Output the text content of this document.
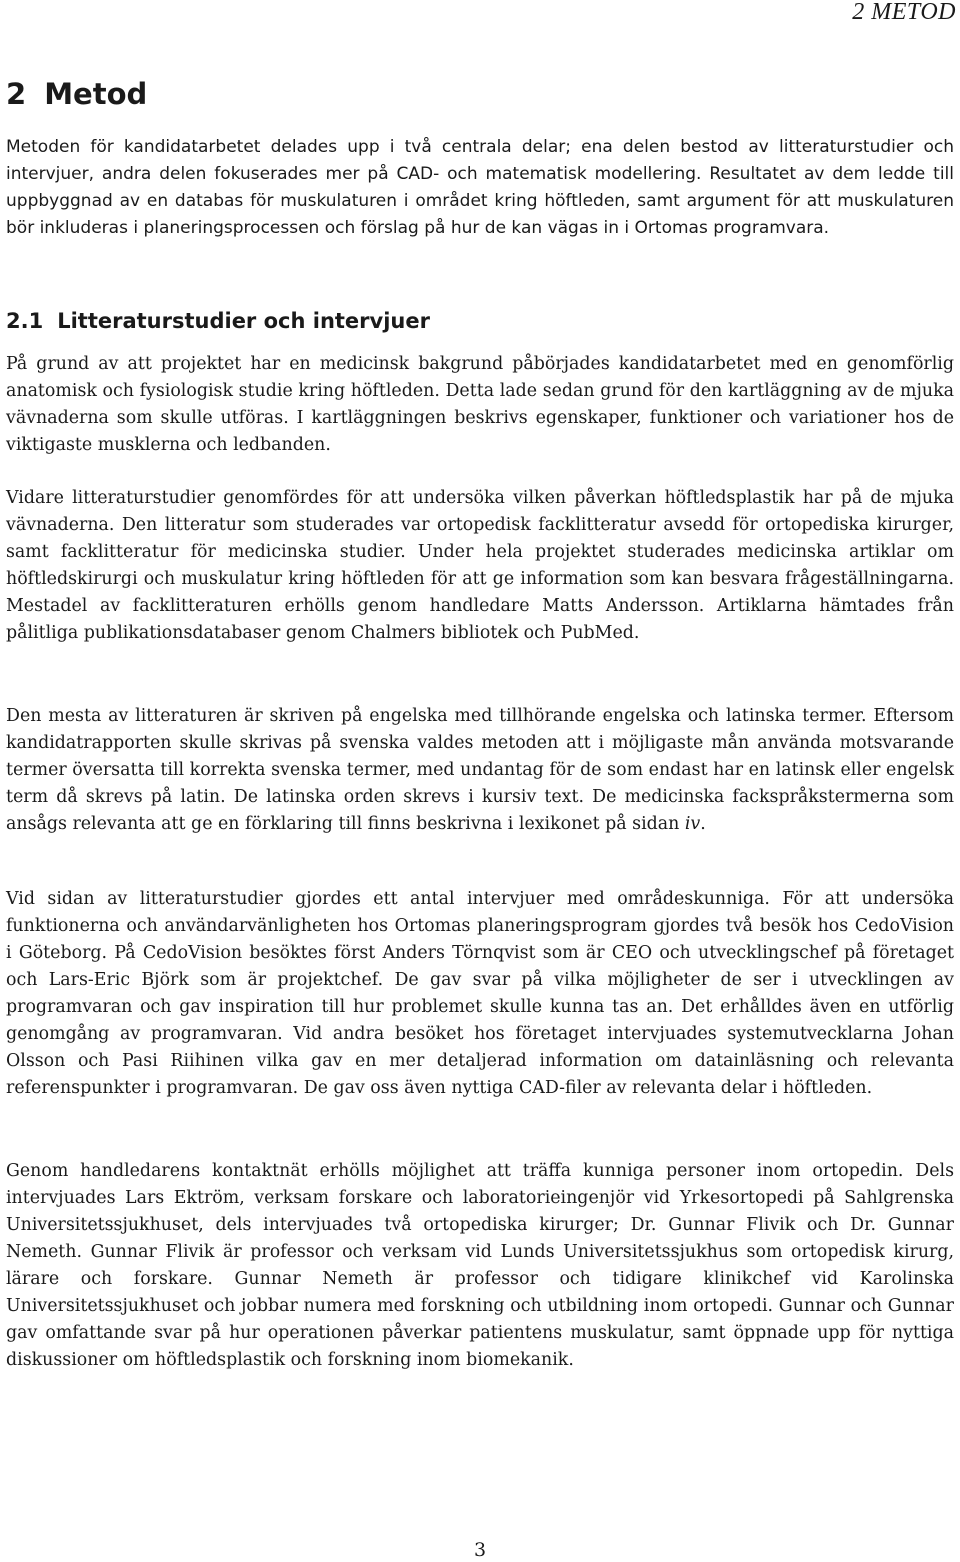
2 METOD
2 Metod

Metoden för kandidatarbetet delades upp i två centrala delar; ena delen bestod av litteraturstudier och intervjuer, andra delen fokuserades mer på CAD- och matematisk modellering. Resultatet av dem ledde till uppbyggnad av en databas för muskulaturen i området kring höftleden, samt argument för att muskulaturen bör inkluderas i planeringsprocessen och förslag på hur de kan vägas in i Ortomas programvara.

2.1 Litteraturstudier och intervjuer

På grund av att projektet har en medicinsk bakgrund påbörjades kandidatarbetet med en genomförlig anatomisk och fysiologisk studie kring höftleden. Detta lade sedan grund för den kartläggning av de mjuka vävnaderna som skulle utföras. I kartläggningen beskrivs egenskaper, funktioner och variationer hos de viktigaste musklerna och ledbanden.

Vidare litteraturstudier genomfördes för att undersöka vilken påverkan höftledsplastik har på de mjuka vävnaderna. Den litteratur som studerades var ortopedisk facklitteratur avsedd för ortopediska kirurger, samt facklitteratur för medicinska studier. Under hela projektet studerades medicinska artiklar om höftledskirurgi och muskulatur kring höftleden för att ge information som kan besvara frågeställningarna. Mestadel av facklitteraturen erhölls genom handledare Matts Andersson. Artiklarna hämtades från pålitliga publikationsdatabaser genom Chalmers bibliotek och PubMed.

Den mesta av litteraturen är skriven på engelska med tillhörande engelska och latinska termer. Eftersom kandidatrapporten skulle skrivas på svenska valdes metoden att i möjligaste mån använda motsvarande termer översatta till korrekta svenska termer, med undantag för de som endast har en latinsk eller engelsk term då skrevs på latin. De latinska orden skrevs i kursiv text. De medicinska fackspråkstermerna som ansågs relevanta att ge en förklaring till finns beskrivna i lexikonet på sidan iv.

Vid sidan av litteraturstudier gjordes ett antal intervjuer med områdeskunniga. För att undersöka funktionerna och användarvänligheten hos Ortomas planeringsprogram gjordes två besök hos CedoVision i Göteborg. På CedoVision besöktes först Anders Törnqvist som är CEO och utvecklingschef på företaget och Lars-Eric Björk som är projektchef. De gav svar på vilka möjligheter de ser i utvecklingen av programvaran och gav inspiration till hur problemet skulle kunna tas an. Det erhålldes även en utförlig genomgång av programvaran. Vid andra besöket hos företaget intervjuades systemutvecklarna Johan Olsson och Pasi Riihinen vilka gav en mer detaljerad information om datainläsning och relevanta referenspunkter i programvaran. De gav oss även nyttiga CAD-filer av relevanta delar i höftleden.

Genom handledarens kontaktnät erhölls möjlighet att träffa kunniga personer inom ortopedin. Dels intervjuades Lars Ektröm, verksam forskare och laboratorieingenjör vid Yrkesortopedi på Sahlgrenska Universitetssjukhuset, dels intervjuades två ortopediska kirurger; Dr. Gunnar Flivik och Dr. Gunnar Nemeth. Gunnar Flivik är professor och verksam vid Lunds Universitetssjukhus som ortopedisk kirurg, lärare och forskare. Gunnar Nemeth är professor och tidigare klinikchef vid Karolinska Universitetssjukhuset och jobbar numera med forskning och utbildning inom ortopedi. Gunnar och Gunnar gav omfattande svar på hur operationen påverkar patientens muskulatur, samt öppnade upp för nyttiga diskussioner om höftledsplastik och forskning inom biomekanik.

3
